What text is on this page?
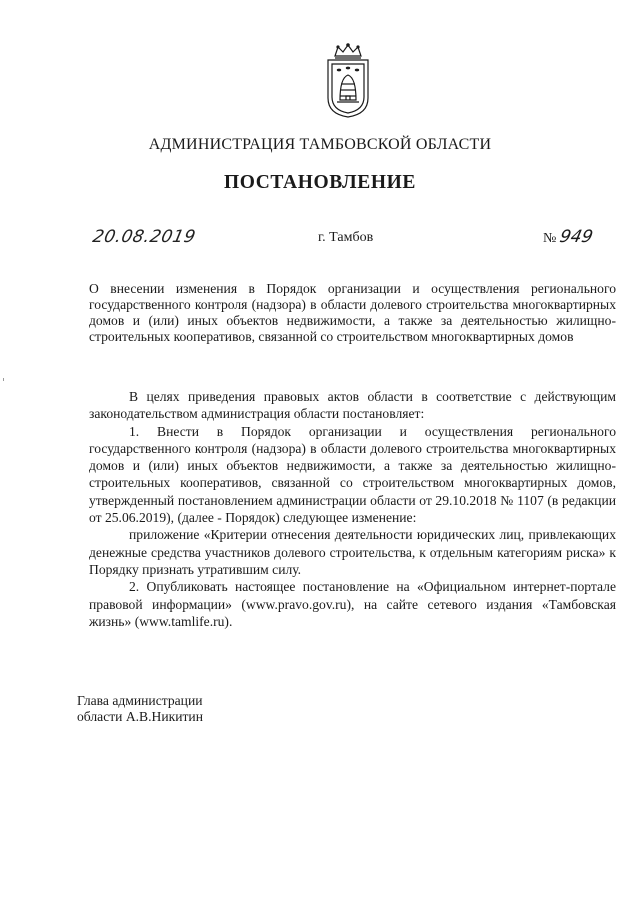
АДМИНИСТРАЦИЯ ТАМБОВСКОЙ ОБЛАСТИ
ПОСТАНОВЛЕНИЕ
20.08.2019	г. Тамбов	№ 949
О внесении изменения в Порядок организации и осуществления регионального государственного контроля (надзора) в области долевого строительства многоквартирных домов и (или) иных объектов недвижимости, а также за деятельностью жилищно-строительных кооперативов, связанной со строительством многоквартирных домов

В целях приведения правовых актов области в соответствие с действующим законодательством администрация области постановляет:

1. Внести в Порядок организации и осуществления регионального государственного контроля (надзора) в области долевого строительства многоквартирных домов и (или) иных объектов недвижимости, а также за деятельностью жилищно-строительных кооперативов, связанной со строительством многоквартирных домов, утвержденный постановлением администрации области от 29.10.2018 № 1107 (в редакции от 25.06.2019), (далее - Порядок) следующее изменение:

приложение «Критерии отнесения деятельности юридических лиц, привлекающих денежные средства участников долевого строительства, к отдельным категориям риска» к Порядку признать утратившим силу.

2. Опубликовать настоящее постановление на «Официальном интернет-портале правовой информации» (www.pravo.gov.ru), на сайте сетевого издания «Тамбовская жизнь» (www.tamlife.ru).

Глава администрации
области А.В.Никитин
